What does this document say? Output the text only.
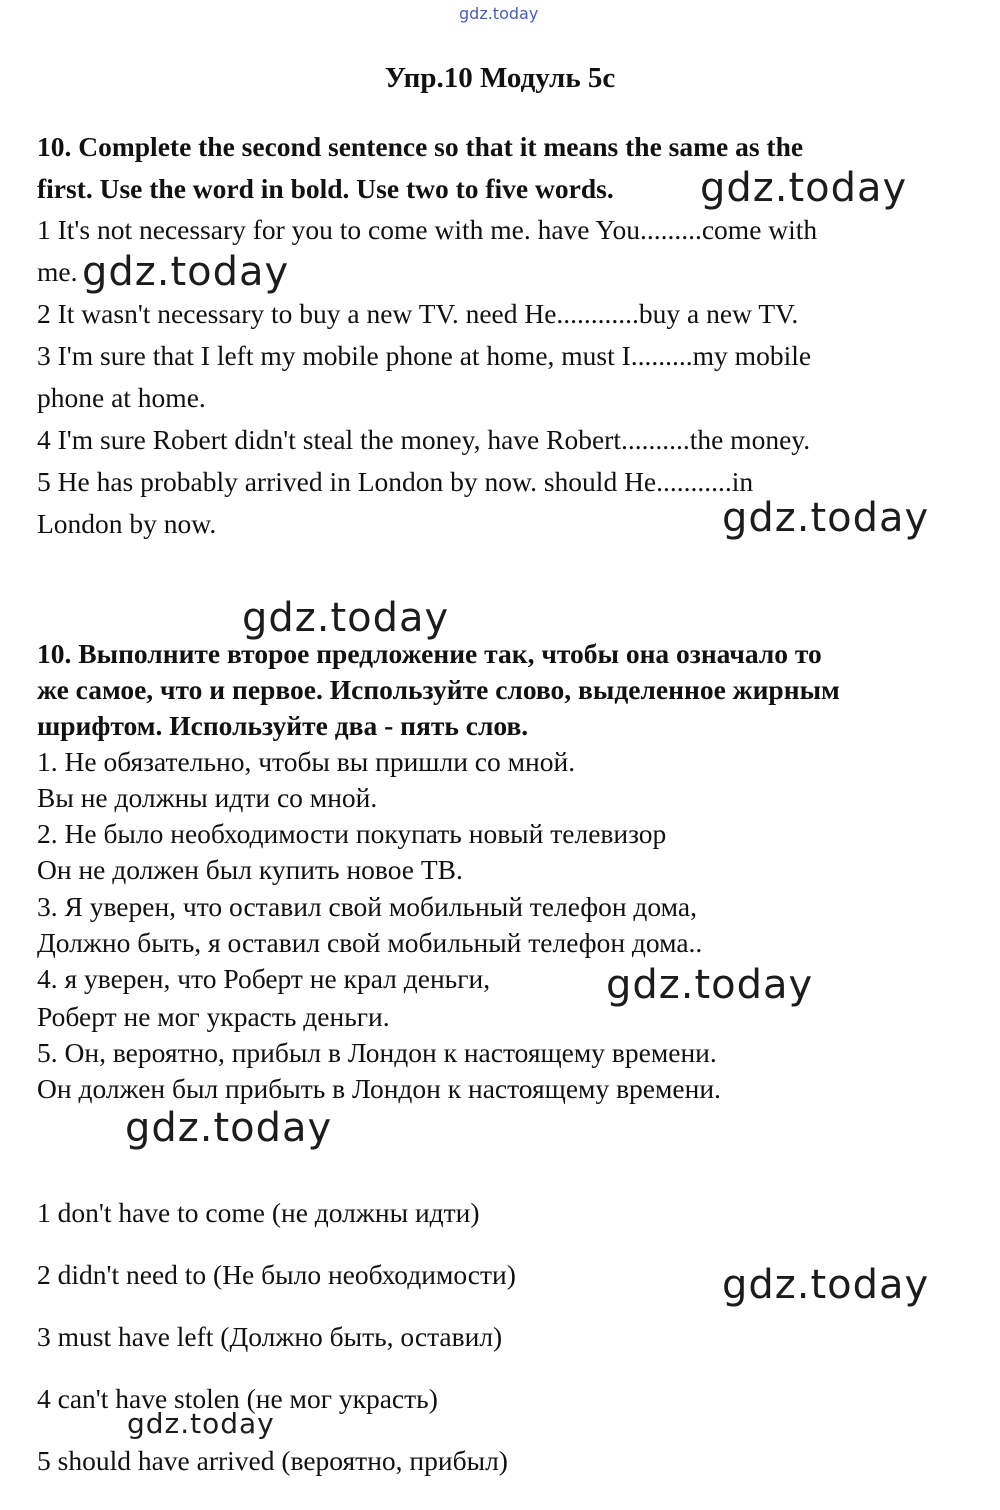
gdz.today
Упр.10 Модуль 5с
10. Complete the second sentence so that it means the same as the
first. Use the word in bold. Use two to five words.
1 It's not necessary for you to come with me. have You.........come with
me.
2 It wasn't necessary to buy a new TV. need He............buy a new TV.
3 I'm sure that I left my mobile phone at home, must I.........my mobile
phone at home.
4 I'm sure Robert didn't steal the money, have Robert..........the money.
5 He has probably arrived in London by now. should He...........in
London by now.
10. Выполните второе предложение так, чтобы она означало то
же самое, что и первое. Используйте слово, выделенное жирным
шрифтом. Используйте два - пять слов.
1. Не обязательно, чтобы вы пришли со мной.
Вы не должны идти со мной.
2. Не было необходимости покупать новый телевизор
Он не должен был купить новое ТВ.
3. Я уверен, что оставил свой мобильный телефон дома,
Должно быть, я оставил свой мобильный телефон дома..
4. я уверен, что Роберт не крал деньги,
Роберт не мог украсть деньги.
5. Он, вероятно, прибыл в Лондон к настоящему времени.
Он должен был прибыть в Лондон к настоящему времени.
1 don't have to come (не должны идти)
2 didn't need to (Не было необходимости)
3 must have left (Должно быть, оставил)
4 can't have stolen (не мог украсть)
5 should have arrived (вероятно, прибыл)
gdz.today
gdz.today
gdz.today
gdz.today
gdz.today
gdz.today
gdz.today
gdz.today
